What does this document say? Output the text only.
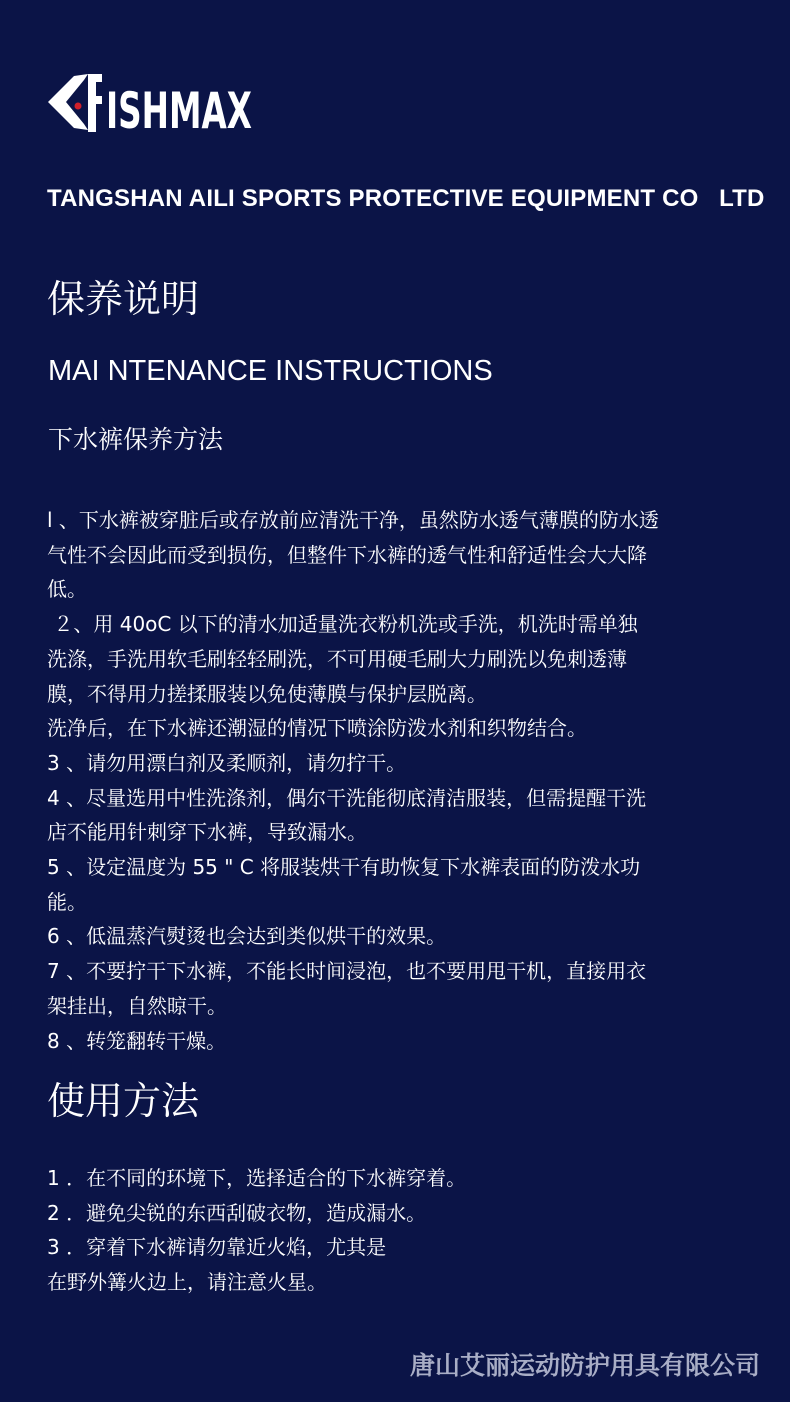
ISHMAX
TANGSHAN AILI SPORTS PROTECTIVE EQUIPMENT CO   LTD
保养说明
MAI NTENANCE INSTRUCTIONS
下水裤保养方法
l 、下水裤被穿脏后或存放前应清洗干净，虽然防水透气薄膜的防水透
气性不会因此而受到损伤，但整件下水裤的透气性和舒适性会大大降
低。
２、用 40oC 以下的清水加适量洗衣粉机洗或手洗，机洗时需单独
洗涤，手洗用软毛刷轻轻刷洗，不可用硬毛刷大力刷洗以免刺透薄
膜，不得用力搓揉服装以免使薄膜与保护层脱离。
洗净后，在下水裤还潮湿的情况下喷涂防泼水剂和织物结合。
3 、请勿用漂白剂及柔顺剂，请勿拧干。
4 、尽量选用中性洗涤剂，偶尔干洗能彻底清洁服装，但需提醒干洗
店不能用针刺穿下水裤，导致漏水。
5 、设定温度为 55 " C 将服装烘干有助恢复下水裤表面的防泼水功
能。
6 、低温蒸汽熨烫也会达到类似烘干的效果。
7 、不要拧干下水裤，不能长时间浸泡，也不要用甩干机，直接用衣
架挂出，自然晾干。
8 、转笼翻转干燥。
使用方法
1 ．在不同的环境下，选择适合的下水裤穿着。
2 ．避免尖锐的东西刮破衣物，造成漏水。
3 ．穿着下水裤请勿靠近火焰，尤其是
在野外篝火边上，请注意火星。
唐山艾丽运动防护用具有限公司
